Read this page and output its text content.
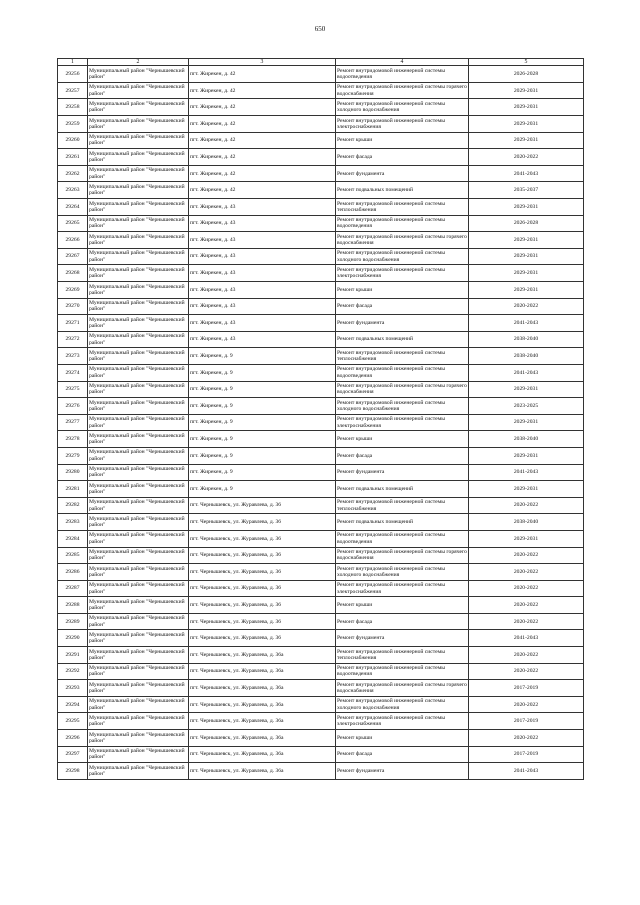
650
1	2	3	4	5
29256	Муниципальный район "Чернышевский район"	пгт. Жирекен, д. 42	Ремонт внутридомовой инженерной системы водоотведения	2026-2028
29257	Муниципальный район "Чернышевский район"	пгт. Жирекен, д. 42	Ремонт внутридомовой инженерной системы горячего водоснабжения	2029-2031
29258	Муниципальный район "Чернышевский район"	пгт. Жирекен, д. 42	Ремонт внутридомовой инженерной системы холодного водоснабжения	2029-2031
29259	Муниципальный район "Чернышевский район"	пгт. Жирекен, д. 42	Ремонт внутридомовой инженерной системы электроснабжения	2029-2031
29260	Муниципальный район "Чернышевский район"	пгт. Жирекен, д. 42	Ремонт крыши	2029-2031
29261	Муниципальный район "Чернышевский район"	пгт. Жирекен, д. 42	Ремонт фасада	2020-2022
29262	Муниципальный район "Чернышевский район"	пгт. Жирекен, д. 42	Ремонт фундамента	2041-2043
29263	Муниципальный район "Чернышевский район"	пгт. Жирекен, д. 42	Ремонт подвальных помещений	2035-2037
29264	Муниципальный район "Чернышевский район"	пгт. Жирекен, д. 43	Ремонт внутридомовой инженерной системы теплоснабжения	2029-2031
29265	Муниципальный район "Чернышевский район"	пгт. Жирекен, д. 43	Ремонт внутридомовой инженерной системы водоотведения	2026-2028
29266	Муниципальный район "Чернышевский район"	пгт. Жирекен, д. 43	Ремонт внутридомовой инженерной системы горячего водоснабжения	2029-2031
29267	Муниципальный район "Чернышевский район"	пгт. Жирекен, д. 43	Ремонт внутридомовой инженерной системы холодного водоснабжения	2029-2031
29268	Муниципальный район "Чернышевский район"	пгт. Жирекен, д. 43	Ремонт внутридомовой инженерной системы электроснабжения	2029-2031
29269	Муниципальный район "Чернышевский район"	пгт. Жирекен, д. 43	Ремонт крыши	2029-2031
29270	Муниципальный район "Чернышевский район"	пгт. Жирекен, д. 43	Ремонт фасада	2020-2022
29271	Муниципальный район "Чернышевский район"	пгт. Жирекен, д. 43	Ремонт фундамента	2041-2043
29272	Муниципальный район "Чернышевский район"	пгт. Жирекен, д. 43	Ремонт подвальных помещений	2038-2040
29273	Муниципальный район "Чернышевский район"	пгт. Жирекен, д. 9	Ремонт внутридомовой инженерной системы теплоснабжения	2038-2040
29274	Муниципальный район "Чернышевский район"	пгт. Жирекен, д. 9	Ремонт внутридомовой инженерной системы водоотведения	2041-2043
29275	Муниципальный район "Чернышевский район"	пгт. Жирекен, д. 9	Ремонт внутридомовой инженерной системы горячего водоснабжения	2029-2031
29276	Муниципальный район "Чернышевский район"	пгт. Жирекен, д. 9	Ремонт внутридомовой инженерной системы холодного водоснабжения	2023-2025
29277	Муниципальный район "Чернышевский район"	пгт. Жирекен, д. 9	Ремонт внутридомовой инженерной системы электроснабжения	2029-2031
29278	Муниципальный район "Чернышевский район"	пгт. Жирекен, д. 9	Ремонт крыши	2038-2040
29279	Муниципальный район "Чернышевский район"	пгт. Жирекен, д. 9	Ремонт фасада	2029-2031
29280	Муниципальный район "Чернышевский район"	пгт. Жирекен, д. 9	Ремонт фундамента	2041-2043
29281	Муниципальный район "Чернышевский район"	пгт. Жирекен, д. 9	Ремонт подвальных помещений	2029-2031
29282	Муниципальный район "Чернышевский район"	пгт. Чернышевск, ул. Журавлева, д. 36	Ремонт внутридомовой инженерной системы теплоснабжения	2020-2022
29283	Муниципальный район "Чернышевский район"	пгт. Чернышевск, ул. Журавлева, д. 36	Ремонт подвальных помещений	2038-2040
29284	Муниципальный район "Чернышевский район"	пгт. Чернышевск, ул. Журавлева, д. 36	Ремонт внутридомовой инженерной системы водоотведения	2029-2031
29285	Муниципальный район "Чернышевский район"	пгт. Чернышевск, ул. Журавлева, д. 36	Ремонт внутридомовой инженерной системы горячего водоснабжения	2020-2022
29286	Муниципальный район "Чернышевский район"	пгт. Чернышевск, ул. Журавлева, д. 36	Ремонт внутридомовой инженерной системы холодного водоснабжения	2020-2022
29287	Муниципальный район "Чернышевский район"	пгт. Чернышевск, ул. Журавлева, д. 36	Ремонт внутридомовой инженерной системы электроснабжения	2020-2022
29288	Муниципальный район "Чернышевский район"	пгт. Чернышевск, ул. Журавлева, д. 36	Ремонт крыши	2020-2022
29289	Муниципальный район "Чернышевский район"	пгт. Чернышевск, ул. Журавлева, д. 36	Ремонт фасада	2020-2022
29290	Муниципальный район "Чернышевский район"	пгт. Чернышевск, ул. Журавлева, д. 36	Ремонт фундамента	2041-2043
29291	Муниципальный район "Чернышевский район"	пгт. Чернышевск, ул. Журавлева, д. 36а	Ремонт внутридомовой инженерной системы теплоснабжения	2020-2022
29292	Муниципальный район "Чернышевский район"	пгт. Чернышевск, ул. Журавлева, д. 36а	Ремонт внутридомовой инженерной системы водоотведения	2020-2022
29293	Муниципальный район "Чернышевский район"	пгт. Чернышевск, ул. Журавлева, д. 36а	Ремонт внутридомовой инженерной системы горячего водоснабжения	2017-2019
29294	Муниципальный район "Чернышевский район"	пгт. Чернышевск, ул. Журавлева, д. 36а	Ремонт внутридомовой инженерной системы холодного водоснабжения	2020-2022
29295	Муниципальный район "Чернышевский район"	пгт. Чернышевск, ул. Журавлева, д. 36а	Ремонт внутридомовой инженерной системы электроснабжения	2017-2019
29296	Муниципальный район "Чернышевский район"	пгт. Чернышевск, ул. Журавлева, д. 36а	Ремонт крыши	2020-2022
29297	Муниципальный район "Чернышевский район"	пгт. Чернышевск, ул. Журавлева, д. 36а	Ремонт фасада	2017-2019
29298	Муниципальный район "Чернышевский район"	пгт. Чернышевск, ул. Журавлева, д. 36а	Ремонт фундамента	2041-2043
